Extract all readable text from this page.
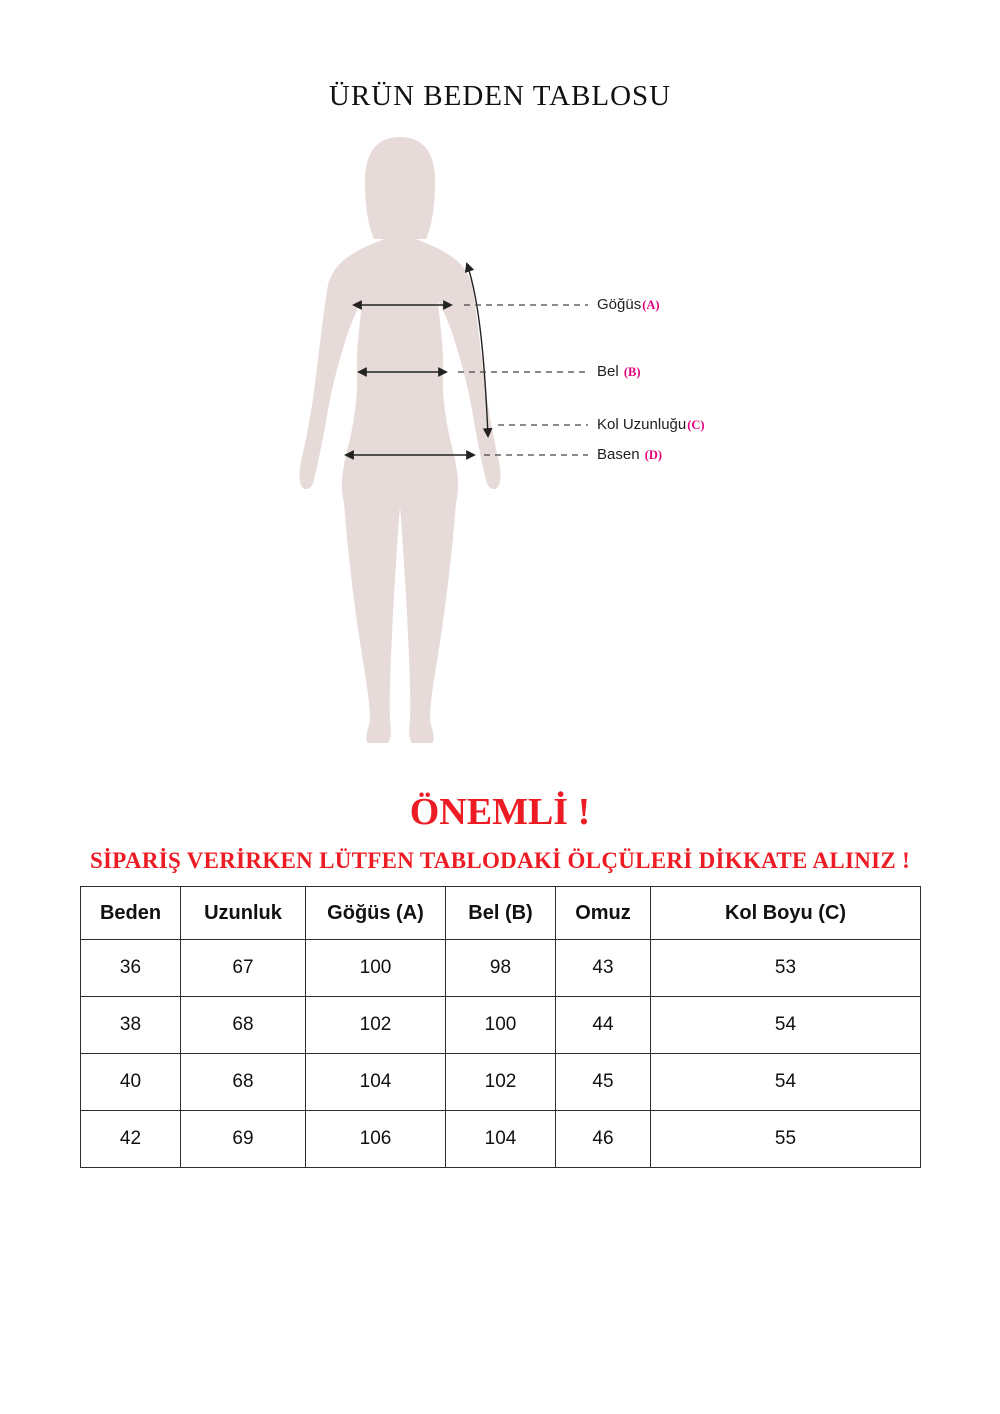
ÜRÜN BEDEN TABLOSU
Göğüs(A)
Bel (B)
Kol Uzunluğu(C)
Basen (D)
ÖNEMLİ !
SİPARİŞ VERİRKEN LÜTFEN TABLODAKİ ÖLÇÜLERİ DİKKATE ALINIZ !
Beden	Uzunluk	Göğüs (A)	Bel (B)	Omuz	Kol Boyu (C)
36	67	100	98	43	53
38	68	102	100	44	54
40	68	104	102	45	54
42	69	106	104	46	55
